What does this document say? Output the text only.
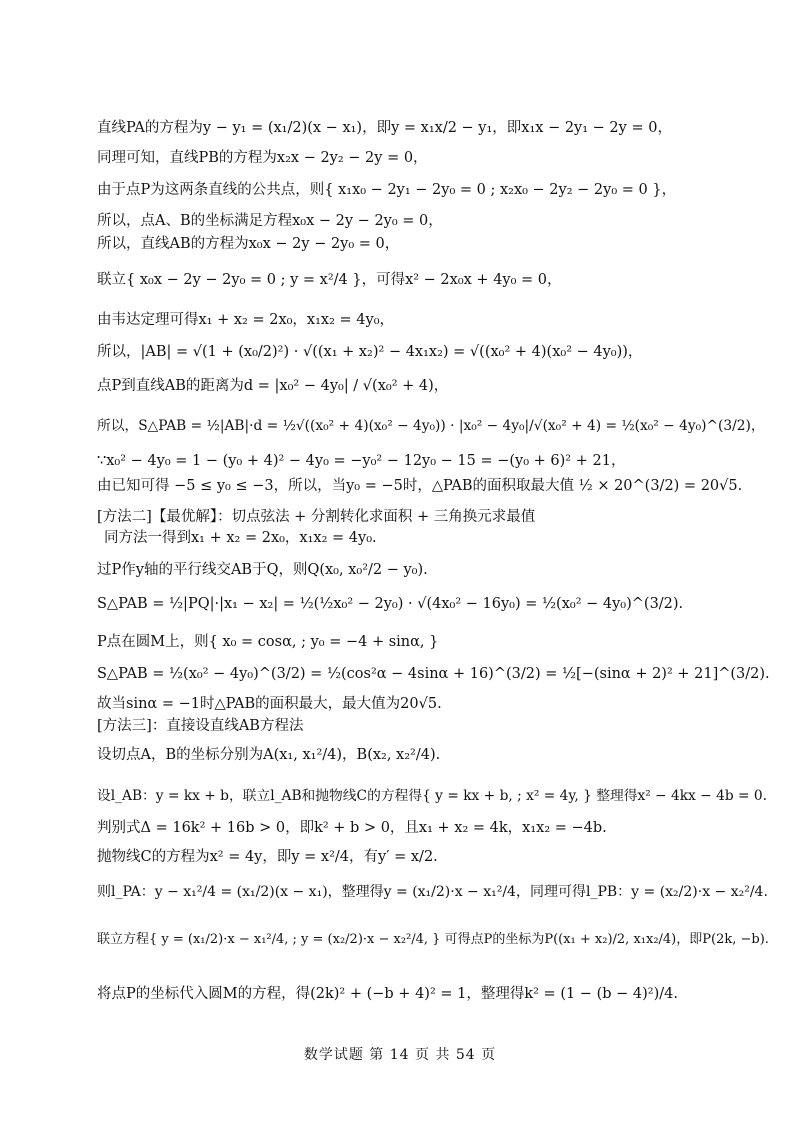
直线PA的方程为y − y₁ = (x₁/2)(x − x₁)，即y = x₁x/2 − y₁，即x₁x − 2y₁ − 2y = 0，
同理可知，直线PB的方程为x₂x − 2y₂ − 2y = 0，
由于点P为这两条直线的公共点，则{ x₁x₀ − 2y₁ − 2y₀ = 0 ; x₂x₀ − 2y₂ − 2y₀ = 0 }，
所以，点A、B的坐标满足方程x₀x − 2y − 2y₀ = 0，
所以，直线AB的方程为x₀x − 2y − 2y₀ = 0，
联立{ x₀x − 2y − 2y₀ = 0 ; y = x²/4 }，可得x² − 2x₀x + 4y₀ = 0，
由韦达定理可得x₁ + x₂ = 2x₀，x₁x₂ = 4y₀，
所以，|AB| = √(1 + (x₀/2)²) · √((x₁ + x₂)² − 4x₁x₂) = √((x₀² + 4)(x₀² − 4y₀))，
点P到直线AB的距离为d = |x₀² − 4y₀| / √(x₀² + 4)，
所以，S△PAB = ½|AB|·d = ½√((x₀² + 4)(x₀² − 4y₀)) · |x₀² − 4y₀|/√(x₀² + 4) = ½(x₀² − 4y₀)^(3/2)，
∵x₀² − 4y₀ = 1 − (y₀ + 4)² − 4y₀ = −y₀² − 12y₀ − 15 = −(y₀ + 6)² + 21，
由已知可得 −5 ≤ y₀ ≤ −3，所以，当y₀ = −5时，△PAB的面积取最大值 ½ × 20^(3/2) = 20√5.
[方法二]【最优解】：切点弦法 + 分割转化求面积 + 三角换元求最值
同方法一得到x₁ + x₂ = 2x₀，x₁x₂ = 4y₀.
过P作y轴的平行线交AB于Q，则Q(x₀, x₀²/2 − y₀).
S△PAB = ½|PQ|·|x₁ − x₂| = ½(½x₀² − 2y₀) · √(4x₀² − 16y₀) = ½(x₀² − 4y₀)^(3/2).
P点在圆M上，则{ x₀ = cosα, ; y₀ = −4 + sinα, }
S△PAB = ½(x₀² − 4y₀)^(3/2) = ½(cos²α − 4sinα + 16)^(3/2) = ½[−(sinα + 2)² + 21]^(3/2).
故当sinα = −1时△PAB的面积最大，最大值为20√5.
[方法三]：直接设直线AB方程法
设切点A，B的坐标分别为A(x₁, x₁²/4)，B(x₂, x₂²/4).
设l_AB：y = kx + b，联立l_AB和抛物线C的方程得{ y = kx + b, ; x² = 4y, } 整理得x² − 4kx − 4b = 0.
判别式Δ = 16k² + 16b > 0，即k² + b > 0，且x₁ + x₂ = 4k，x₁x₂ = −4b.
抛物线C的方程为x² = 4y，即y = x²/4，有y′ = x/2.
则l_PA：y − x₁²/4 = (x₁/2)(x − x₁)，整理得y = (x₁/2)·x − x₁²/4，同理可得l_PB：y = (x₂/2)·x − x₂²/4.
联立方程{ y = (x₁/2)·x − x₁²/4, ; y = (x₂/2)·x − x₂²/4, } 可得点P的坐标为P((x₁ + x₂)/2, x₁x₂/4)，即P(2k, −b).
将点P的坐标代入圆M的方程，得(2k)² + (−b + 4)² = 1，整理得k² = (1 − (b − 4)²)/4.
数学试题 第 14 页 共 54 页
